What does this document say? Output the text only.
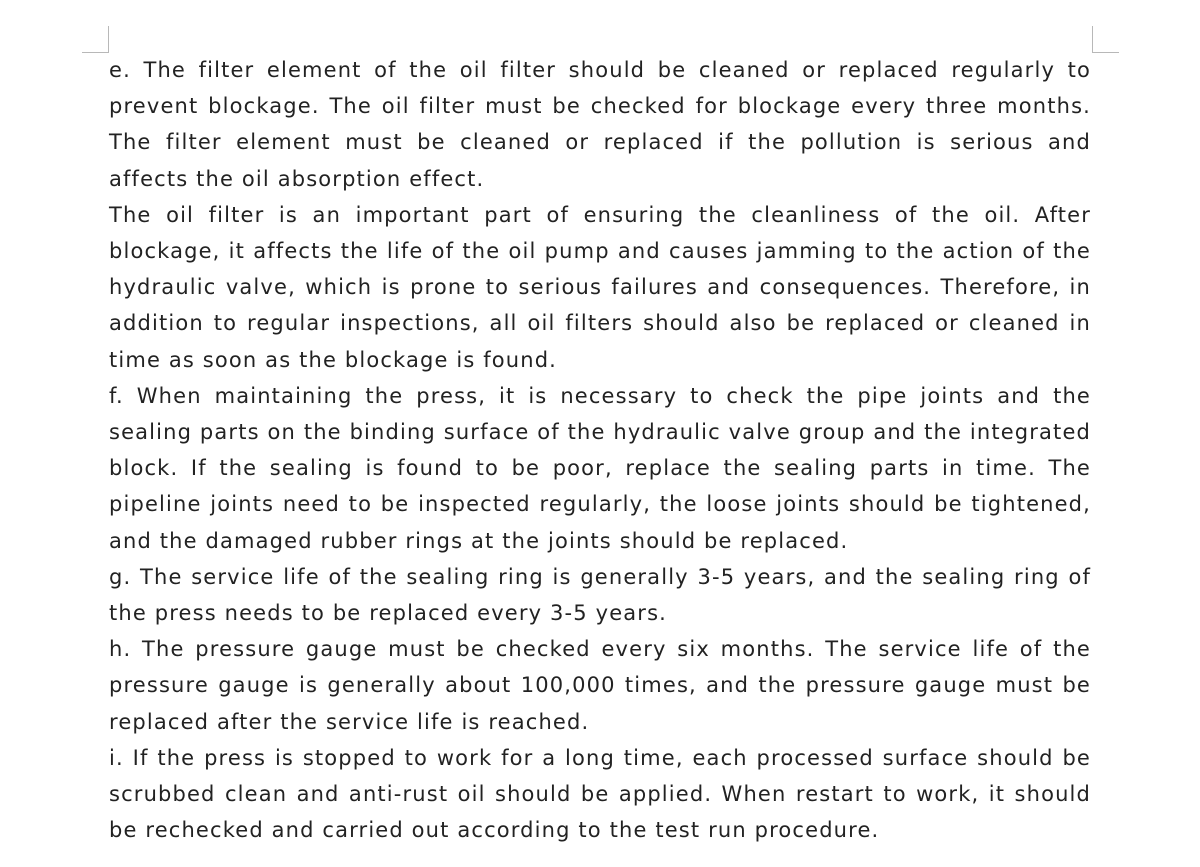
e. The filter element of the oil filter should be cleaned or replaced regularly to prevent blockage. The oil filter must be checked for blockage every three months. The filter element must be cleaned or replaced if the pollution is serious and affects the oil absorption effect.

The oil filter is an important part of ensuring the cleanliness of the oil. After blockage, it affects the life of the oil pump and causes jamming to the action of the hydraulic valve, which is prone to serious failures and consequences. Therefore, in addition to regular inspections, all oil filters should also be replaced or cleaned in time as soon as the blockage is found.

f. When maintaining the press, it is necessary to check the pipe joints and the sealing parts on the binding surface of the hydraulic valve group and the integrated block. If the sealing is found to be poor, replace the sealing parts in time. The pipeline joints need to be inspected regularly, the loose joints should be tightened, and the damaged rubber rings at the joints should be replaced.

g. The service life of the sealing ring is generally 3-5 years, and the sealing ring of the press needs to be replaced every 3-5 years.

h. The pressure gauge must be checked every six months. The service life of the pressure gauge is generally about 100,000 times, and the pressure gauge must be replaced after the service life is reached.

i. If the press is stopped to work for a long time, each processed surface should be scrubbed clean and anti-rust oil should be applied. When restart to work, it should be rechecked and carried out according to the test run procedure.
